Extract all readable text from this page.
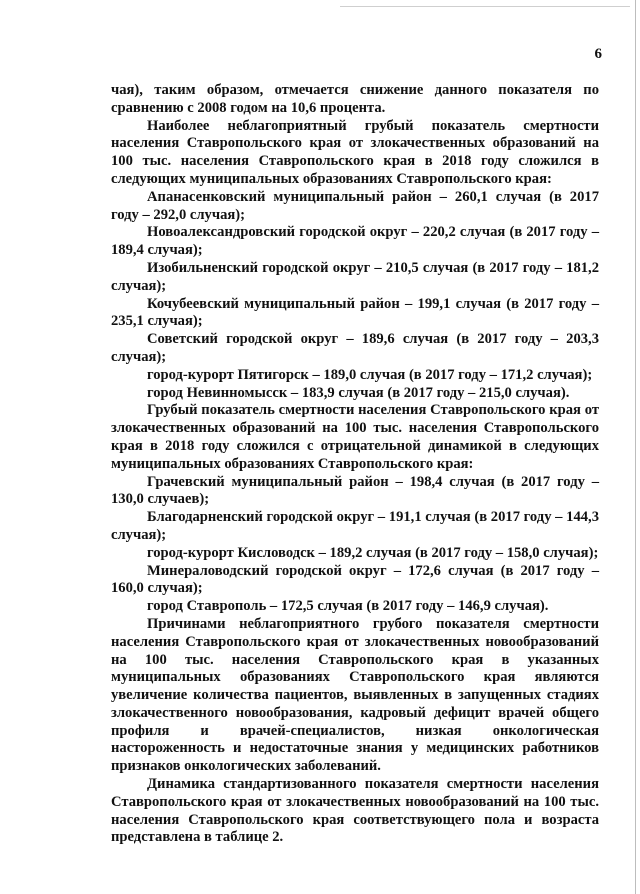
6

чая), таким образом, отмечается снижение данного показателя по сравнению с 2008 годом на 10,6 процента.

Наиболее неблагоприятный грубый показатель смертности населения Ставропольского края от злокачественных образований на 100 тыс. населения Ставропольского края в 2018 году сложился в следующих муниципальных образованиях Ставропольского края:

Апанасенковский муниципальный район – 260,1 случая (в 2017 году – 292,0 случая);

Новоалександровский городской округ – 220,2 случая (в 2017 году – 189,4 случая);

Изобильненский городской округ – 210,5 случая (в 2017 году – 181,2 случая);

Кочубеевский муниципальный район – 199,1 случая (в 2017 году – 235,1 случая);

Советский городской округ – 189,6 случая (в 2017 году – 203,3 случая);

город-курорт Пятигорск – 189,0 случая (в 2017 году – 171,2 случая);

город Невинномысск – 183,9 случая (в 2017 году – 215,0 случая).

Грубый показатель смертности населения Ставропольского края от злокачественных образований на 100 тыс. населения Ставропольского края в 2018 году сложился с отрицательной динамикой в следующих муниципальных образованиях Ставропольского края:

Грачевский муниципальный район – 198,4 случая (в 2017 году – 130,0 случаев);

Благодарненский городской округ – 191,1 случая (в 2017 году – 144,3 случая);

город-курорт Кисловодск – 189,2 случая (в 2017 году – 158,0 случая);

Минераловодский городской округ – 172,6 случая (в 2017 году – 160,0 случая);

город Ставрополь – 172,5 случая (в 2017 году – 146,9 случая).

Причинами неблагоприятного грубого показателя смертности населения Ставропольского края от злокачественных новообразований на 100 тыс. населения Ставропольского края в указанных муниципальных образованиях Ставропольского края являются увеличение количества пациентов, выявленных в запущенных стадиях злокачественного новообразования, кадровый дефицит врачей общего профиля и врачей-специалистов, низкая онкологическая настороженность и недостаточные знания у медицинских работников признаков онкологических заболеваний.

Динамика стандартизованного показателя смертности населения Ставропольского края от злокачественных новообразований на 100 тыс. населения Ставропольского края соответствующего пола и возраста представлена в таблице 2.
